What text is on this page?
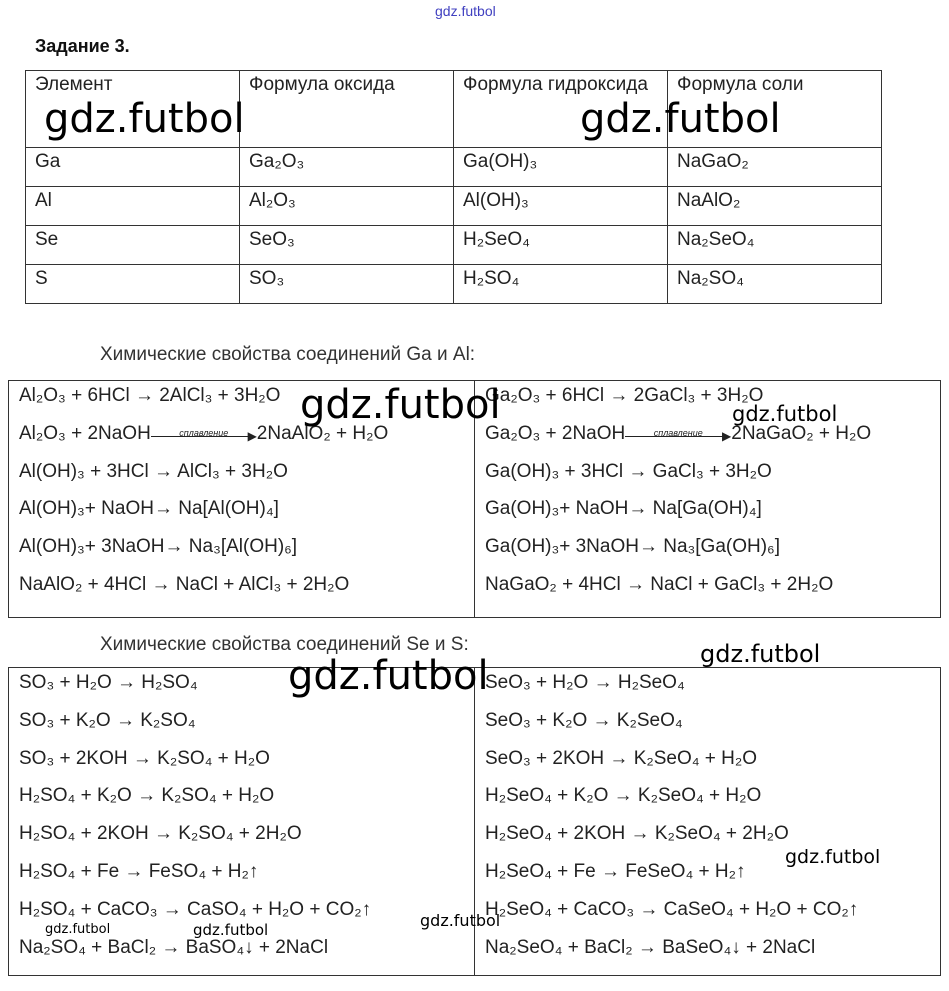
gdz.futbol
Задание 3.
Элемент	Формула оксида	Формула гидроксида	Формула соли
Ga	Ga₂O₃	Ga(OH)₃	NaGaO₂
Al	Al₂O₃	Al(OH)₃	NaAlO₂
Se	SeO₃	H₂SeO₄	Na₂SeO₄
S	SO₃	H₂SO₄	Na₂SO₄
Химические свойства соединений Ga и Al:
Al₂O₃ + 6HCl → 2AlCl₃ + 3H₂O
Al₂O₃ + 2NaOH	сплавление	▶ 2NaAlO₂ + H₂O
Al(OH)₃ + 3HCl → AlCl₃ + 3H₂O
Al(OH)₃+ NaOH→ Na[Al(OH)₄]
Al(OH)₃+ 3NaOH→ Na₃[Al(OH)₆]
NaAlO₂ + 4HCl → NaCl + AlCl₃ + 2H₂O

Ga₂O₃ + 6HCl → 2GaCl₃ + 3H₂O
Ga₂O₃ + 2NaOH	сплавление	▶ 2NaGaO₂ + H₂O
Ga(OH)₃ + 3HCl → GaCl₃ + 3H₂O
Ga(OH)₃+ NaOH→ Na[Ga(OH)₄]
Ga(OH)₃+ 3NaOH→ Na₃[Ga(OH)₆]
NaGaO₂ + 4HCl → NaCl + GaCl₃ + 2H₂O
Химические свойства соединений Se и S:
SO₃ + H₂O → H₂SO₄
SO₃ + K₂O → K₂SO₄
SO₃ + 2KOH → K₂SO₄ + H₂O
H₂SO₄ + K₂O → K₂SO₄ + H₂O
H₂SO₄ + 2KOH → K₂SO₄ + 2H₂O
H₂SO₄ + Fe → FeSO₄ + H₂↑
H₂SO₄ + CaCO₃ → CaSO₄ + H₂O + CO₂↑
Na₂SO₄ + BaCl₂ → BaSO₄↓ + 2NaCl

SeO₃ + H₂O → H₂SeO₄
SeO₃ + K₂O → K₂SeO₄
SeO₃ + 2KOH → K₂SeO₄ + H₂O
H₂SeO₄ + K₂O → K₂SeO₄ + H₂O
H₂SeO₄ + 2KOH → K₂SeO₄ + 2H₂O
H₂SeO₄ + Fe → FeSeO₄ + H₂↑
H₂SeO₄ + CaCO₃ → CaSeO₄ + H₂O + CO₂↑
Na₂SeO₄ + BaCl₂ → BaSeO₄↓ + 2NaCl
gdz.futbol	gdz.futbol
gdz.futbol	gdz.futbol
gdz.futbol
gdz.futbol
gdz.futbol
gdz.futbol
gdz.futbol	gdz.futbol
